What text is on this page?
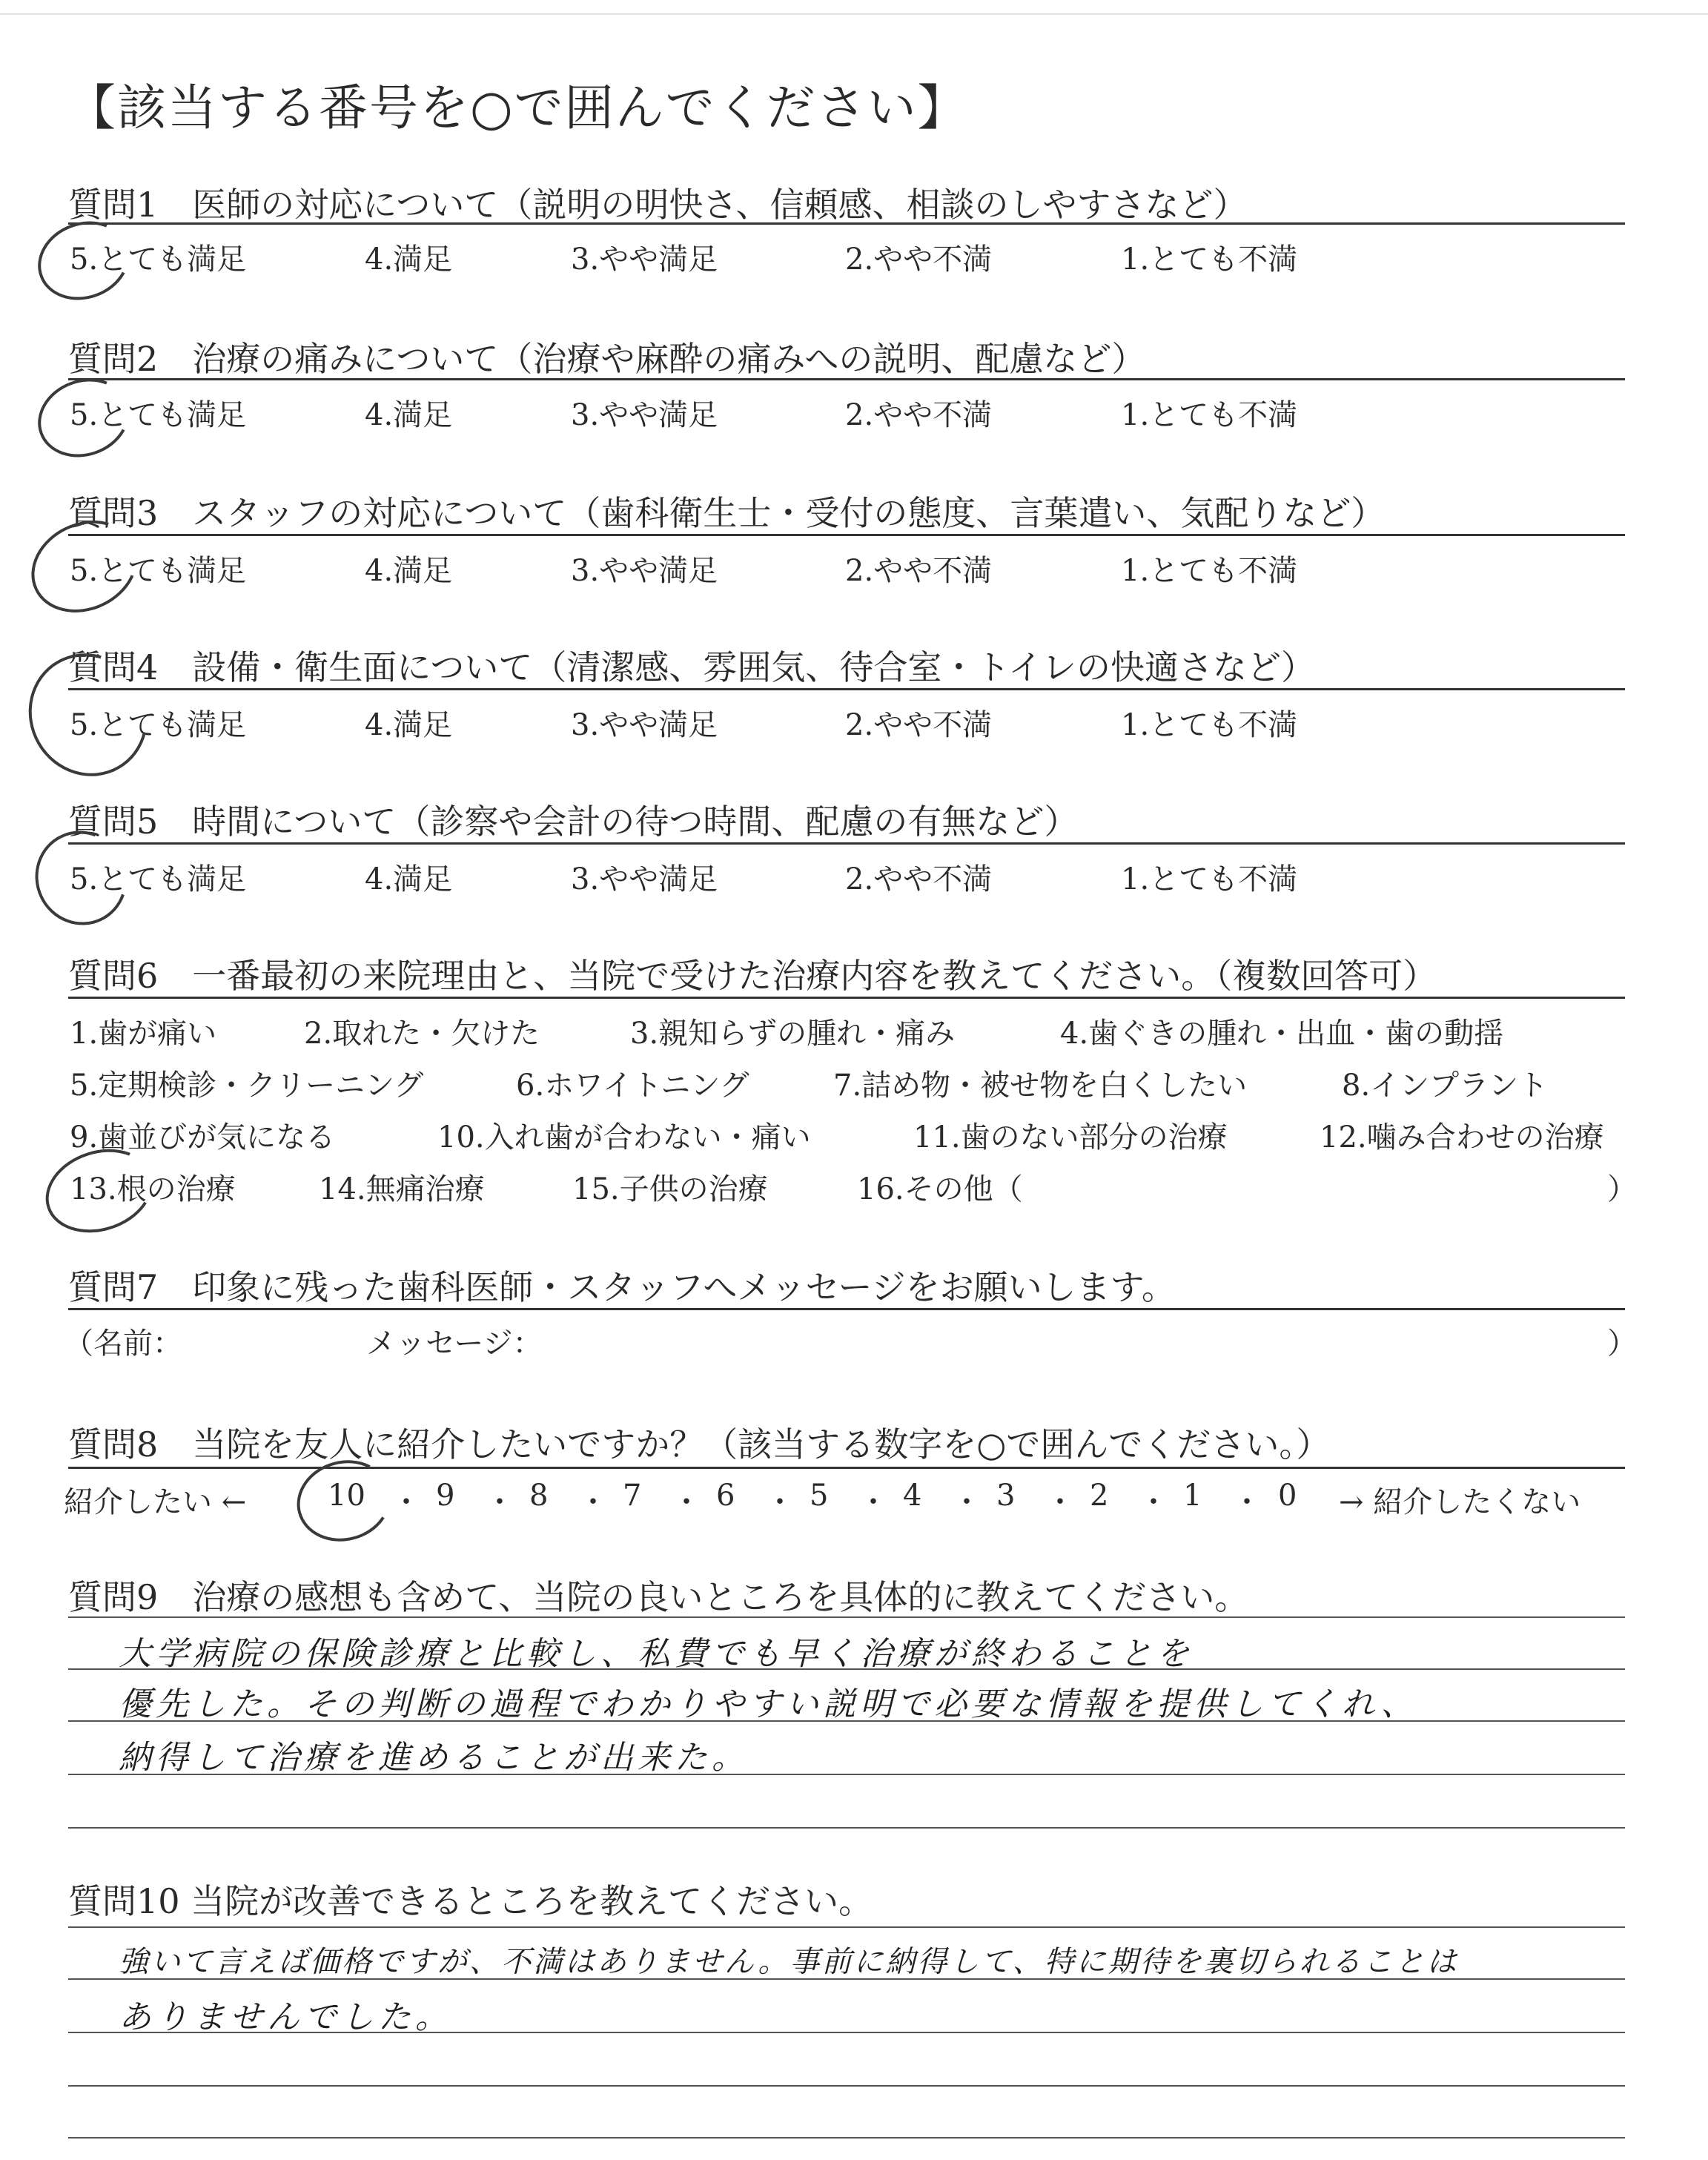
【該当する番号を○で囲んでください】
質問1　医師の対応について（説明の明快さ、信頼感、相談のしやすさなど）
5.とても満足	4.満足	3.やや満足	2.やや不満	1.とても不満
質問2　治療の痛みについて（治療や麻酔の痛みへの説明、配慮など）
5.とても満足	4.満足	3.やや満足	2.やや不満	1.とても不満
質問3　スタッフの対応について（歯科衛生士・受付の態度、言葉遣い、気配りなど）
5.とても満足	4.満足	3.やや満足	2.やや不満	1.とても不満
質問4　設備・衛生面について（清潔感、雰囲気、待合室・トイレの快適さなど）
5.とても満足	4.満足	3.やや満足	2.やや不満	1.とても不満
質問5　時間について（診察や会計の待つ時間、配慮の有無など）
5.とても満足	4.満足	3.やや満足	2.やや不満	1.とても不満
質問6　一番最初の来院理由と、当院で受けた治療内容を教えてください。（複数回答可）
1.歯が痛い	2.取れた・欠けた	3.親知らずの腫れ・痛み	4.歯ぐきの腫れ・出血・歯の動揺
5.定期検診・クリーニング	6.ホワイトニング	7.詰め物・被せ物を白くしたい	8.インプラント
9.歯並びが気になる	10.入れ歯が合わない・痛い	11.歯のない部分の治療	12.噛み合わせの治療
13.根の治療	14.無痛治療	15.子供の治療	16.その他（	）
質問7　印象に残った歯科医師・スタッフへメッセージをお願いします。
（名前：	メッセージ：	）
質問8　当院を友人に紹介したいですか？（該当する数字を○で囲んでください。）
紹介したい ←	10 ・ 9 ・ 8 ・ 7 ・ 6 ・ 5 ・ 4 ・ 3 ・ 2 ・ 1 ・ 0 → 紹介したくない
質問9　治療の感想も含めて、当院の良いところを具体的に教えてください。
大学病院の保険診療と比較し、私費でも早く治療が終わることを
優先した。その判断の過程でわかりやすい説明で必要な情報を提供してくれ、
納得して治療を進めることが出来た。
質問10 当院が改善できるところを教えてください。
強いて言えば価格ですが、不満はありません。事前に納得して、特に期待を裏切られることは
ありませんでした。
